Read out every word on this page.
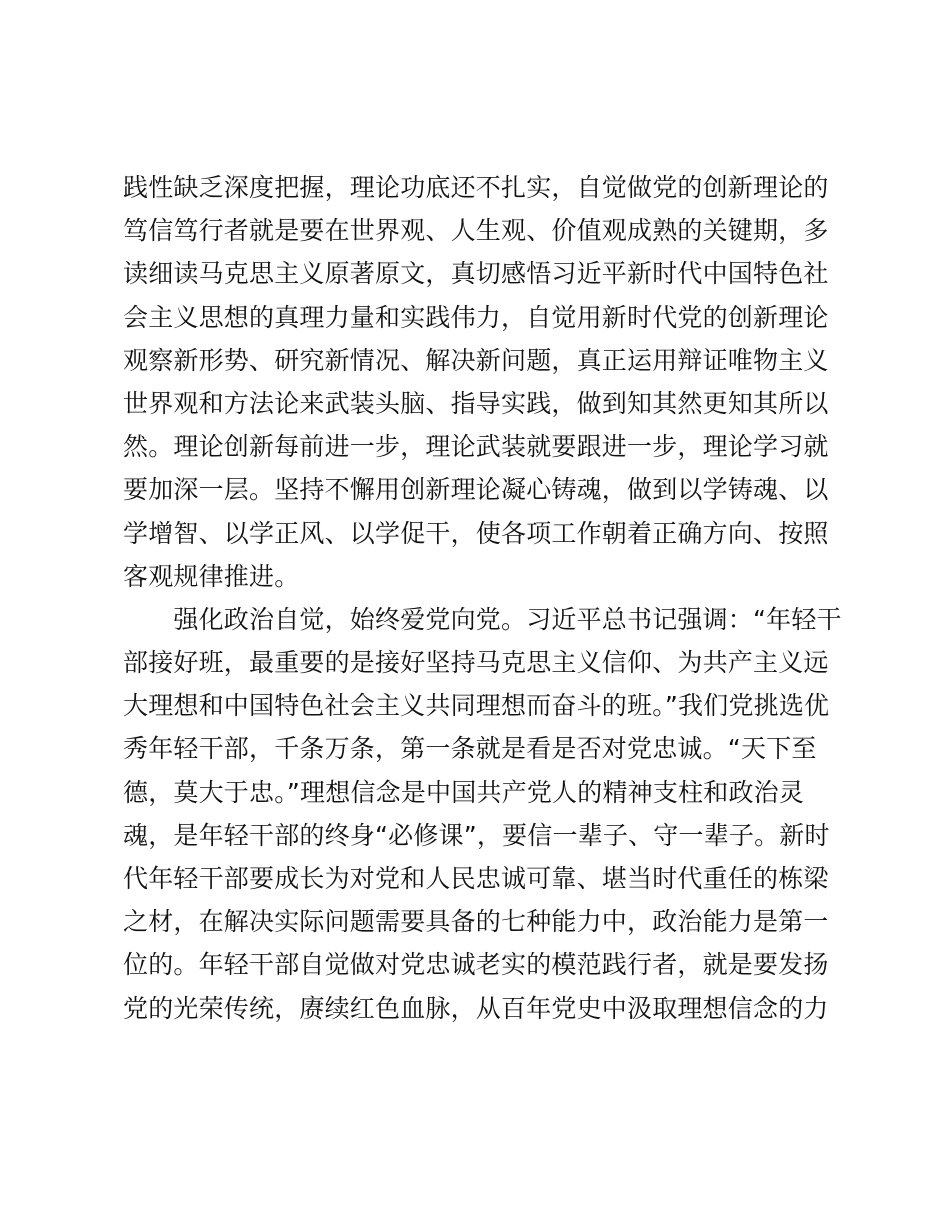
践性缺乏深度把握，理论功底还不扎实，自觉做党的创新理论的
笃信笃行者就是要在世界观、人生观、价值观成熟的关键期，多
读细读马克思主义原著原文，真切感悟习近平新时代中国特色社
会主义思想的真理力量和实践伟力，自觉用新时代党的创新理论
观察新形势、研究新情况、解决新问题，真正运用辩证唯物主义
世界观和方法论来武装头脑、指导实践，做到知其然更知其所以
然。理论创新每前进一步，理论武装就要跟进一步，理论学习就
要加深一层。坚持不懈用创新理论凝心铸魂，做到以学铸魂、以
学增智、以学正风、以学促干，使各项工作朝着正确方向、按照
客观规律推进。
　　强化政治自觉，始终爱党向党。习近平总书记强调：“年轻干
部接好班，最重要的是接好坚持马克思主义信仰、为共产主义远
大理想和中国特色社会主义共同理想而奋斗的班。”我们党挑选优
秀年轻干部，千条万条，第一条就是看是否对党忠诚。“天下至
德，莫大于忠。”理想信念是中国共产党人的精神支柱和政治灵
魂，是年轻干部的终身“必修课”，要信一辈子、守一辈子。新时
代年轻干部要成长为对党和人民忠诚可靠、堪当时代重任的栋梁
之材，在解决实际问题需要具备的七种能力中，政治能力是第一
位的。年轻干部自觉做对党忠诚老实的模范践行者，就是要发扬
党的光荣传统，赓续红色血脉，从百年党史中汲取理想信念的力
